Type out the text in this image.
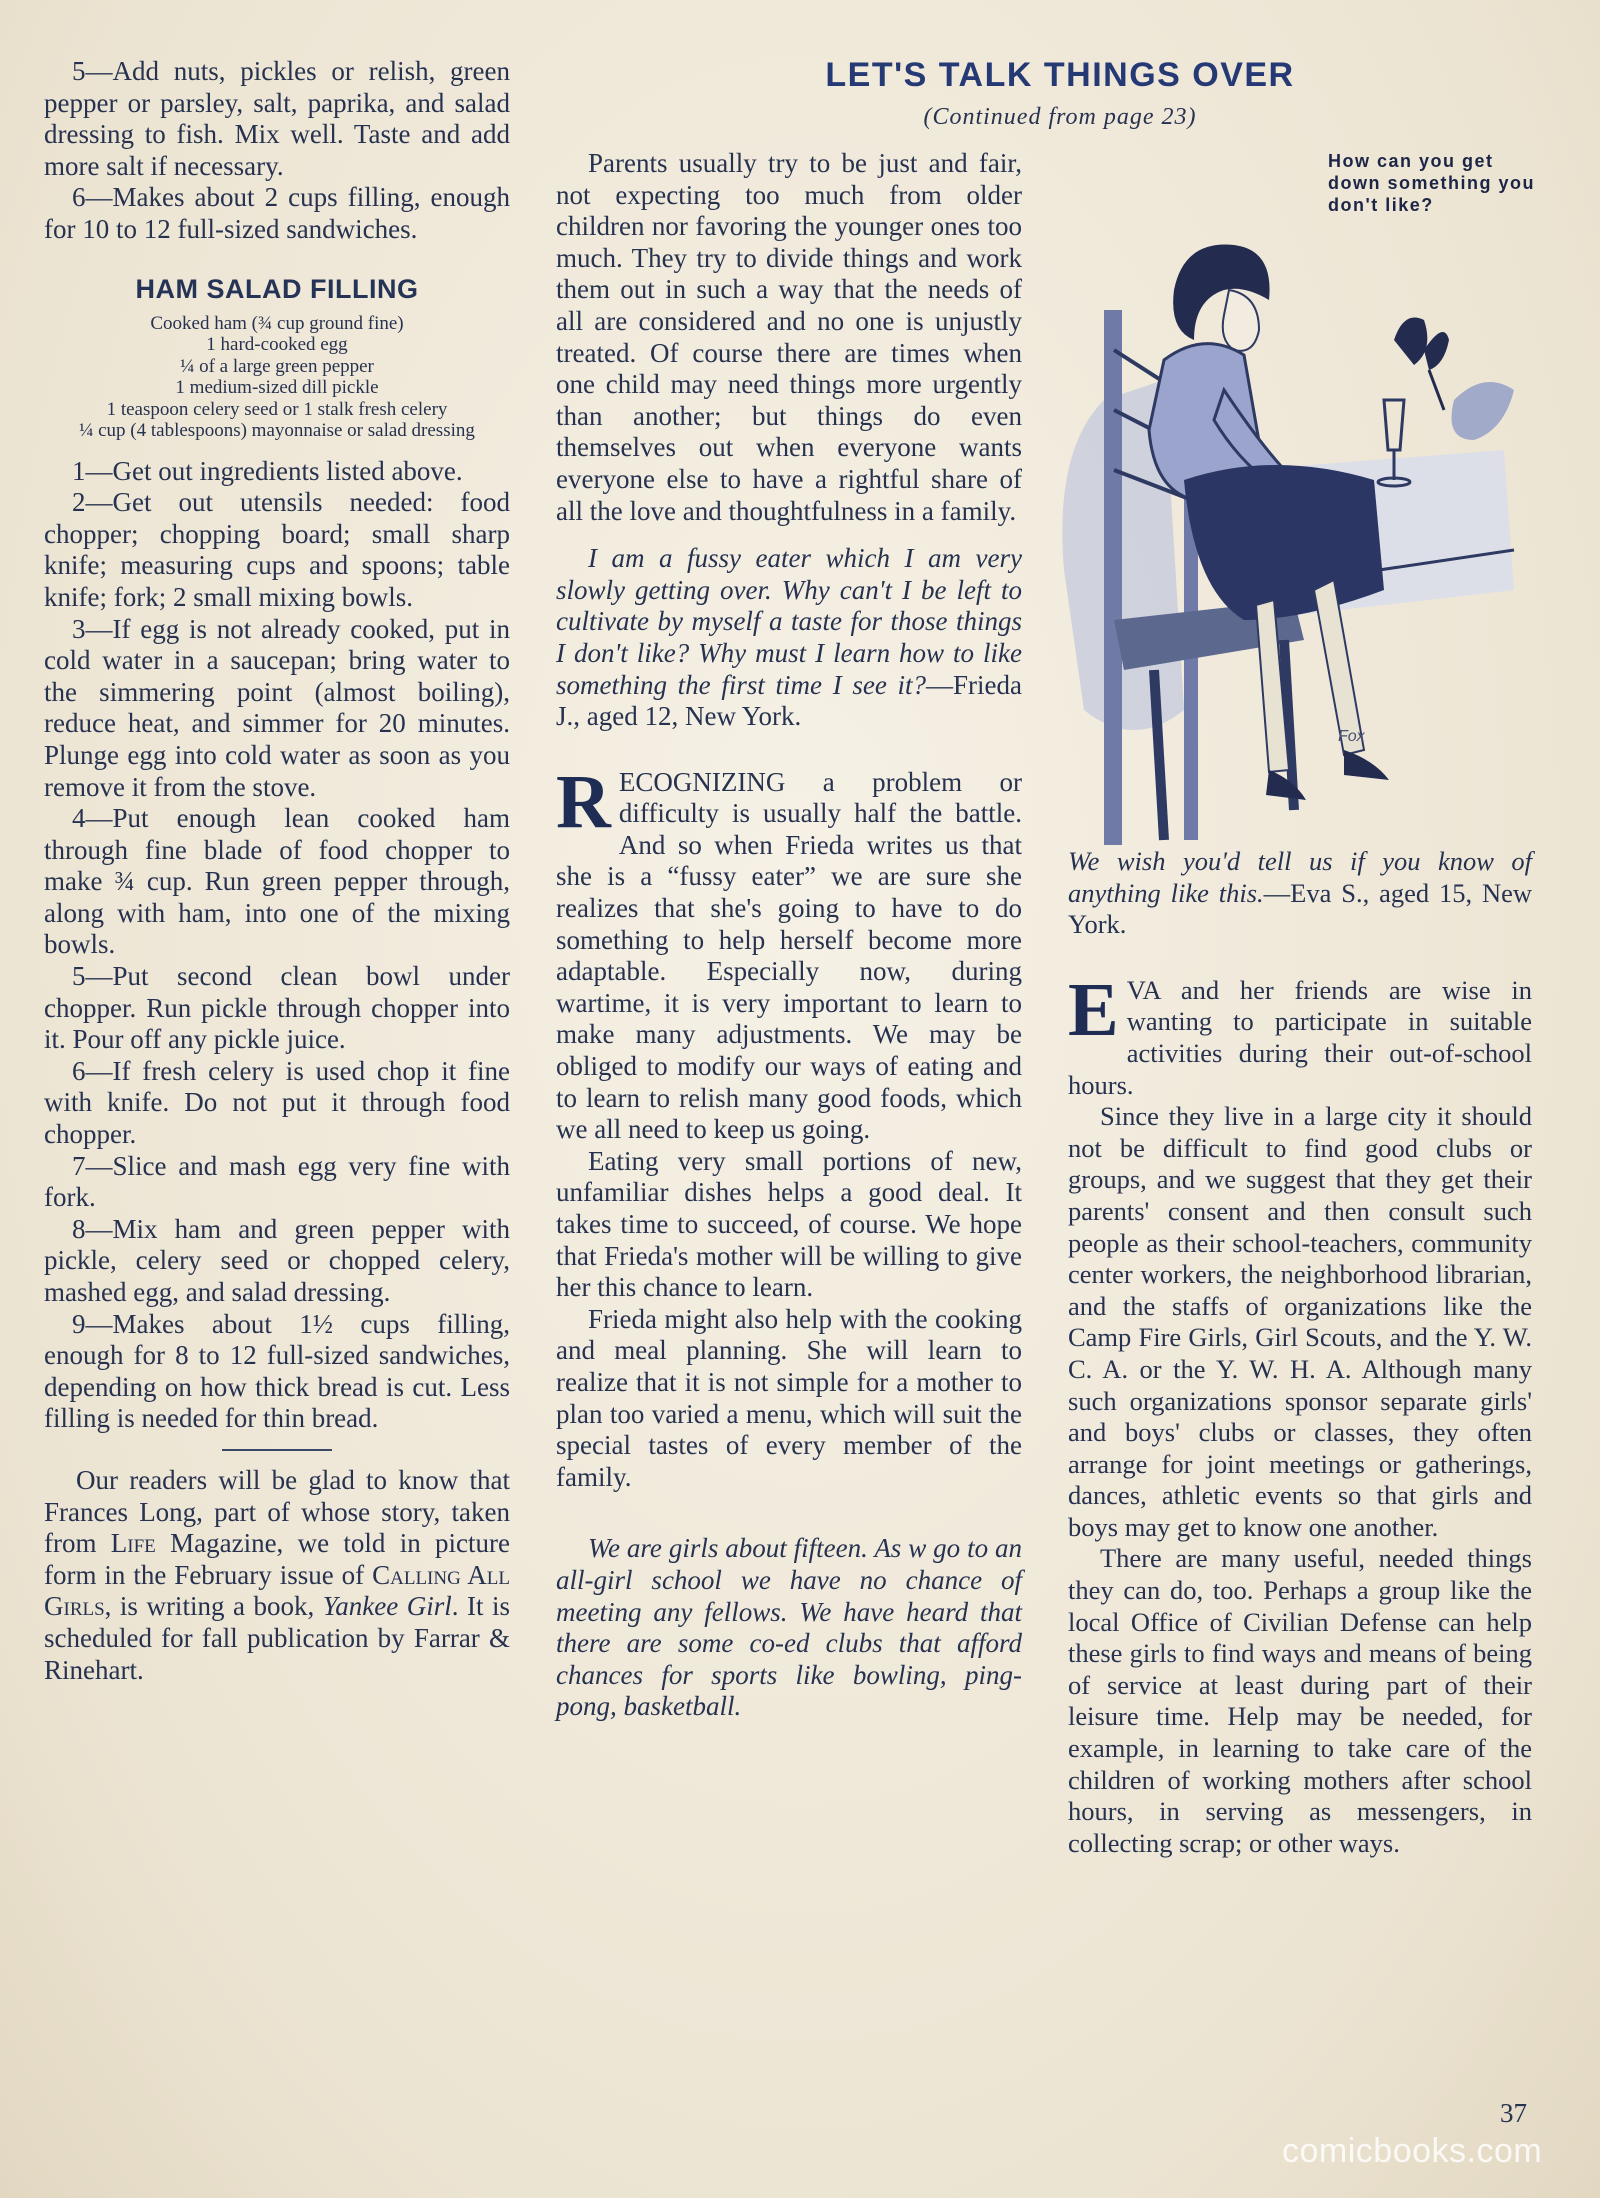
5—Add nuts, pickles or relish, green pepper or parsley, salt, paprika, and salad dressing to fish. Mix well. Taste and add more salt if necessary.

6—Makes about 2 cups filling, enough for 10 to 12 full-sized sandwiches.

HAM SALAD FILLING
Cooked ham (¾ cup ground fine)
1 hard-cooked egg
¼ of a large green pepper
1 medium-sized dill pickle
1 teaspoon celery seed or 1 stalk fresh celery
¼ cup (4 tablespoons) mayonnaise or salad dressing

1—Get out ingredients listed above.

2—Get out utensils needed: food chopper; chopping board; small sharp knife; measuring cups and spoons; table knife; fork; 2 small mixing bowls.

3—If egg is not already cooked, put in cold water in a saucepan; bring water to the simmering point (almost boiling), reduce heat, and simmer for 20 minutes. Plunge egg into cold water as soon as you remove it from the stove.

4—Put enough lean cooked ham through fine blade of food chopper to make ¾ cup. Run green pepper through, along with ham, into one of the mixing bowls.

5—Put second clean bowl under chopper. Run pickle through chopper into it. Pour off any pickle juice.

6—If fresh celery is used chop it fine with knife. Do not put it through food chopper.

7—Slice and mash egg very fine with fork.

8—Mix ham and green pepper with pickle, celery seed or chopped celery, mashed egg, and salad dressing.

9—Makes about 1½ cups filling, enough for 8 to 12 full-sized sandwiches, depending on how thick bread is cut. Less filling is needed for thin bread.

Our readers will be glad to know that Frances Long, part of whose story, taken from Life Magazine, we told in picture form in the February issue of Calling All Girls, is writing a book, Yankee Girl. It is scheduled for fall publication by Farrar & Rinehart.

LET'S TALK THINGS OVER
(Continued from page 23)

Parents usually try to be just and fair, not expecting too much from older children nor favoring the younger ones too much. They try to divide things and work them out in such a way that the needs of all are considered and no one is unjustly treated. Of course there are times when one child may need things more urgently than another; but things do even themselves out when everyone wants everyone else to have a rightful share of all the love and thoughtfulness in a family.

I am a fussy eater which I am very slowly getting over. Why can't I be left to cultivate by myself a taste for those things I don't like? Why must I learn how to like something the first time I see it?—Frieda J., aged 12, New York.

RECOGNIZING a problem or difficulty is usually half the battle. And so when Frieda writes us that she is a “fussy eater” we are sure she realizes that she's going to have to do something to help herself become more adaptable. Especially now, during wartime, it is very important to learn to make many adjustments. We may be obliged to modify our ways of eating and to learn to relish many good foods, which we all need to keep us going.

Eating very small portions of new, unfamiliar dishes helps a good deal. It takes time to succeed, of course. We hope that Frieda's mother will be willing to give her this chance to learn.

Frieda might also help with the cooking and meal planning. She will learn to realize that it is not simple for a mother to plan too varied a menu, which will suit the special tastes of every member of the family.

We are girls about fifteen. As w go to an all-girl school we have no chance of meeting any fellows. We have heard that there are some co-ed clubs that afford chances for sports like bowling, ping-pong, basketball.

How can you get down something you don't like?
Fox

We wish you'd tell us if you know of anything like this.—Eva S., aged 15, New York.

EVA and her friends are wise in wanting to participate in suitable activities during their out-of-school hours.

Since they live in a large city it should not be difficult to find good clubs or groups, and we suggest that they get their parents' consent and then consult such people as their school-teachers, community center workers, the neighborhood librarian, and the staffs of organizations like the Camp Fire Girls, Girl Scouts, and the Y. W. C. A. or the Y. W. H. A. Although many such organizations sponsor separate girls' and boys' clubs or classes, they often arrange for joint meetings or gatherings, dances, athletic events so that girls and boys may get to know one another.

There are many useful, needed things they can do, too. Perhaps a group like the local Office of Civilian Defense can help these girls to find ways and means of being of service at least during part of their leisure time. Help may be needed, for example, in learning to take care of the children of working mothers after school hours, in serving as messengers, in collecting scrap; or other ways.

37
comicbooks.com
